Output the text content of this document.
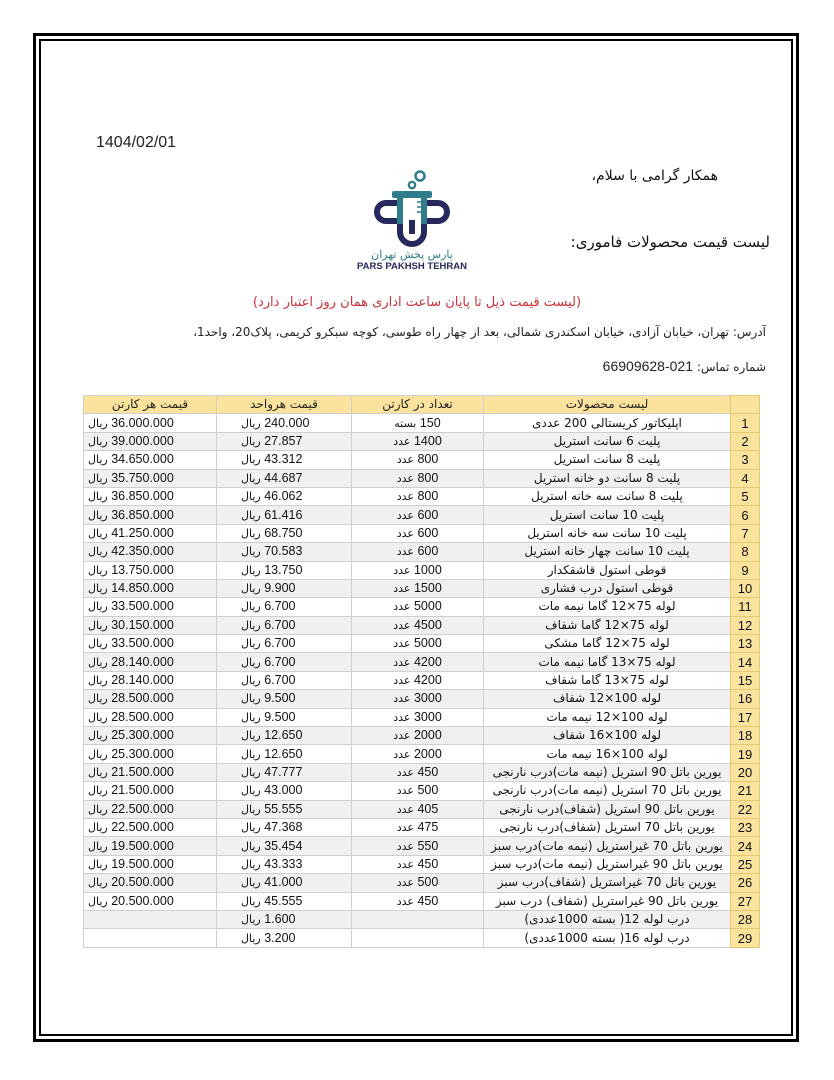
1404/02/01
همکار گرامی با سلام،
لیست قیمت محصولات فاموری:
پارس پخش تهران
PARS PAKHSH TEHRAN
(لیست قیمت ذیل تا پایان ساعت اداری همان روز اعتبار دارد)
آدرس: تهران، خیابان آزادی، خیابان اسکندری شمالی، بعد از چهار راه طوسی، کوچه سبکرو کریمی، پلاک20، واحد1،
شماره تماس: 021-66909628
	لیست محصولات	تعداد در کارتن	قیمت هرواحد	قیمت هر کارتن
1	اپلیکاتور کریستالی 200 عددی	150 بسته	240.000 ریال	36.000.000 ریال
2	پلیت 6 سانت استریل	1400 عدد	27.857 ریال	39.000.000 ریال
3	پلیت 8 سانت استریل	800 عدد	43.312 ریال	34.650.000 ریال
4	پلیت 8 سانت دو خانه استریل	800 عدد	44.687 ریال	35.750.000 ریال
5	پلیت 8 سانت سه خانه استریل	800 عدد	46.062 ریال	36.850.000 ریال
6	پلیت 10 سانت استریل	600 عدد	61.416 ریال	36.850.000 ریال
7	پلیت 10 سانت سه خانه استریل	600 عدد	68.750 ریال	41.250.000 ریال
8	پلیت 10 سانت چهار خانه استریل	600 عدد	70.583 ریال	42.350.000 ریال
9	قوطی استول قاشقکدار	1000 عدد	13.750 ریال	13.750.000 ریال
10	قوطی استول درب فشاری	1500 عدد	9.900 ریال	14.850.000 ریال
11	لوله 75×12 گاما نیمه مات	5000 عدد	6.700 ریال	33.500.000 ریال
12	لوله 75×12 گاما شفاف	4500 عدد	6.700 ریال	30.150.000 ریال
13	لوله 75×12 گاما مشکی	5000 عدد	6.700 ریال	33.500.000 ریال
14	لوله 75×13 گاما نیمه مات	4200 عدد	6.700 ریال	28.140.000 ریال
15	لوله 75×13 گاما شفاف	4200 عدد	6.700 ریال	28.140.000 ریال
16	لوله 100×12 شفاف	3000 عدد	9.500 ریال	28.500.000 ریال
17	لوله 100×12 نیمه مات	3000 عدد	9.500 ریال	28.500.000 ریال
18	لوله 100×16 شفاف	2000 عدد	12.650 ریال	25.300.000 ریال
19	لوله 100×16 نیمه مات	2000 عدد	12.650 ریال	25.300.000 ریال
20	یورین باتل 90 استریل (نیمه مات)درب نارنجی	450 عدد	47.777 ریال	21.500.000 ریال
21	یورین باتل 70 استریل (نیمه مات)درب نارنجی	500 عدد	43.000 ریال	21.500.000 ریال
22	یورین باتل 90 استریل (شفاف)درب نارنجی	405 عدد	55.555 ریال	22.500.000 ریال
23	یورین باتل 70 استریل (شفاف)درب نارنجی	475 عدد	47.368 ریال	22.500.000 ریال
24	یورین باتل 70 غیراستریل (نیمه مات)درب سبز	550 عدد	35.454 ریال	19.500.000 ریال
25	یورین باتل 90 غیراستریل (نیمه مات)درب سبز	450 عدد	43.333 ریال	19.500.000 ریال
26	یورین باتل 70 غیراستریل (شفاف)درب سبز	500 عدد	41.000 ریال	20.500.000 ریال
27	یورین باتل 90 غیراستریل (شفاف) درب سبز	450 عدد	45.555 ریال	20.500.000 ریال
28	درب لوله 12( بسته 1000عددی)		1.600 ریال	
29	درب لوله 16( بسته 1000عددی)		3.200 ریال	
